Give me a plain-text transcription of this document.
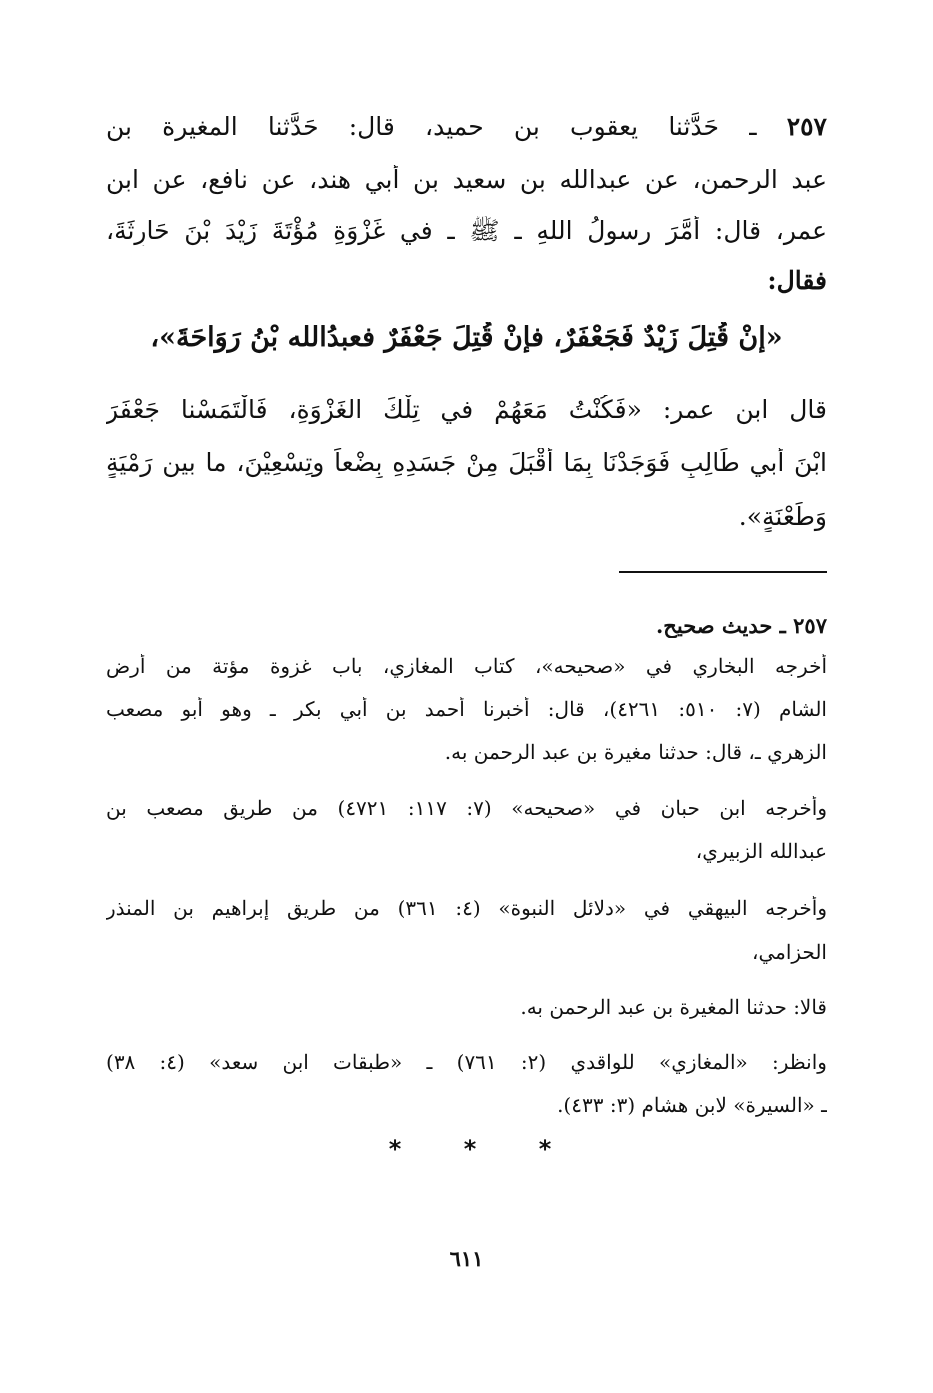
٢٥٧ ـ حَدَّثنا يعقوب بن حميد، قال: حَدَّثنا المغيرة بن
عبد الرحمن، عن عبدالله بن سعيد بن أبي هند، عن نافع، عن ابن
عمر، قال: أَمَّرَ رسولُ اللهِ ـ ﷺ ـ في غَزْوَةِ مُؤْتَةَ زَيْدَ بْنَ حَارِثَةَ،
فقال:
«إنْ قُتِلَ زَيْدٌ فَجَعْفَرٌ، فإنْ قُتِلَ جَعْفَرٌ فعبدُالله بْنُ رَوَاحَةَ»،
قال ابن عمر: «فَكُنْتُ مَعَهُمْ في تِلْكَ الغَزْوَةِ، فَالْتَمَسْنا جَعْفَرَ
ابْنَ أبي طَالِبٍ فَوَجَدْنَا بِمَا أَقْبَلَ مِنْ جَسَدِهِ بِضْعاً وتِسْعِيْنَ، ما بين رَمْيَةٍ
وَطَعْنَةٍ».
٢٥٧ ـ حديث صحيح.
أخرجه البخاري في «صحيحه»، كتاب المغازي، باب غزوة مؤتة من أرض
الشام (٧: ٥١٠: ٤٢٦١)، قال: أخبرنا أحمد بن أبي بكر ـ وهو أبو مصعب
الزهري ـ، قال: حدثنا مغيرة بن عبد الرحمن به.
وأخرجه ابن حبان في «صحيحه» (٧: ١١٧: ٤٧٢١) من طريق مصعب بن
عبدالله الزبيري،
وأخرجه البيهقي في «دلائل النبوة» (٤: ٣٦١) من طريق إبراهيم بن المنذر
الحزامي،
قالا: حدثنا المغيرة بن عبد الرحمن به.
وانظر: «المغازي» للواقدي (٢: ٧٦١) ـ «طبقات ابن سعد» (٤: ٣٨)
ـ «السيرة» لابن هشام (٣: ٤٣٣).
*	*	*
٦١١
